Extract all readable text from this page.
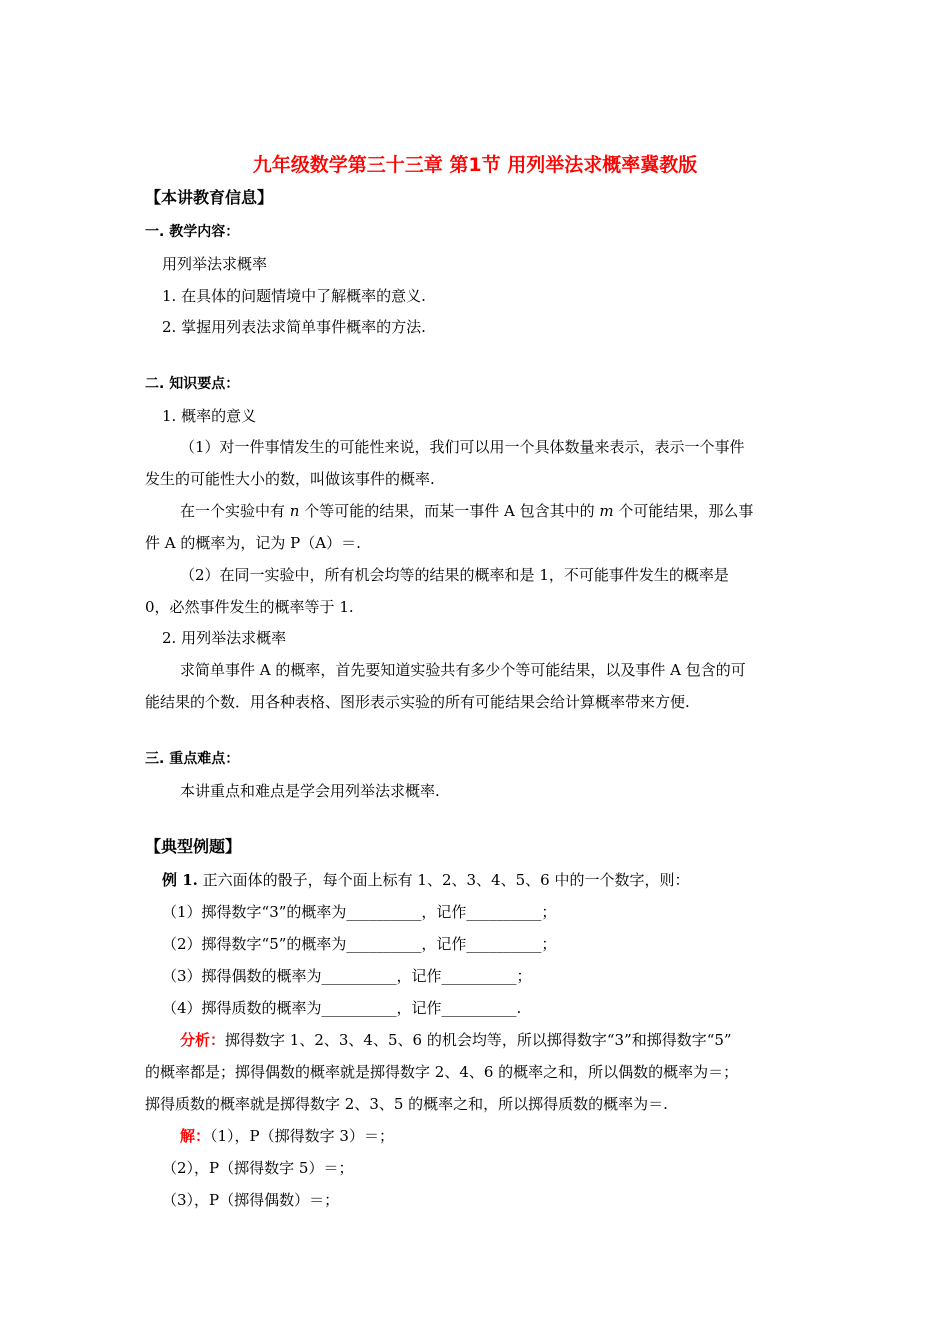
九年级数学第三十三章 第1节 用列举法求概率冀教版
【本讲教育信息】
一. 教学内容：
用列举法求概率
1. 在具体的问题情境中了解概率的意义.
2. 掌握用列表法求简单事件概率的方法.
二. 知识要点：
1. 概率的意义
（1）对一件事情发生的可能性来说，我们可以用一个具体数量来表示，表示一个事件
发生的可能性大小的数，叫做该事件的概率.
在一个实验中有 n 个等可能的结果，而某一事件 A 包含其中的 m 个可能结果，那么事
件 A 的概率为，记为 P（A）＝.
（2）在同一实验中，所有机会均等的结果的概率和是 1，不可能事件发生的概率是
0，必然事件发生的概率等于 1.
2. 用列举法求概率
求简单事件 A 的概率，首先要知道实验共有多少个等可能结果，以及事件 A 包含的可
能结果的个数．用各种表格、图形表示实验的所有可能结果会给计算概率带来方便.
三. 重点难点：
本讲重点和难点是学会用列举法求概率.
【典型例题】
例 1. 正六面体的骰子，每个面上标有 1、2、3、4、5、6 中的一个数字，则：
（1）掷得数字“3”的概率为__________，记作__________；
（2）掷得数字“5”的概率为__________，记作__________；
（3）掷得偶数的概率为__________，记作__________；
（4）掷得质数的概率为__________，记作__________.
分析：掷得数字 1、2、3、4、5、6 的机会均等，所以掷得数字“3”和掷得数字“5”
的概率都是；掷得偶数的概率就是掷得数字 2、4、6 的概率之和，所以偶数的概率为＝；
掷得质数的概率就是掷得数字 2、3、5 的概率之和，所以掷得质数的概率为＝.
解：（1），P（掷得数字 3）＝；
（2），P（掷得数字 5）＝；
（3），P（掷得偶数）＝；
